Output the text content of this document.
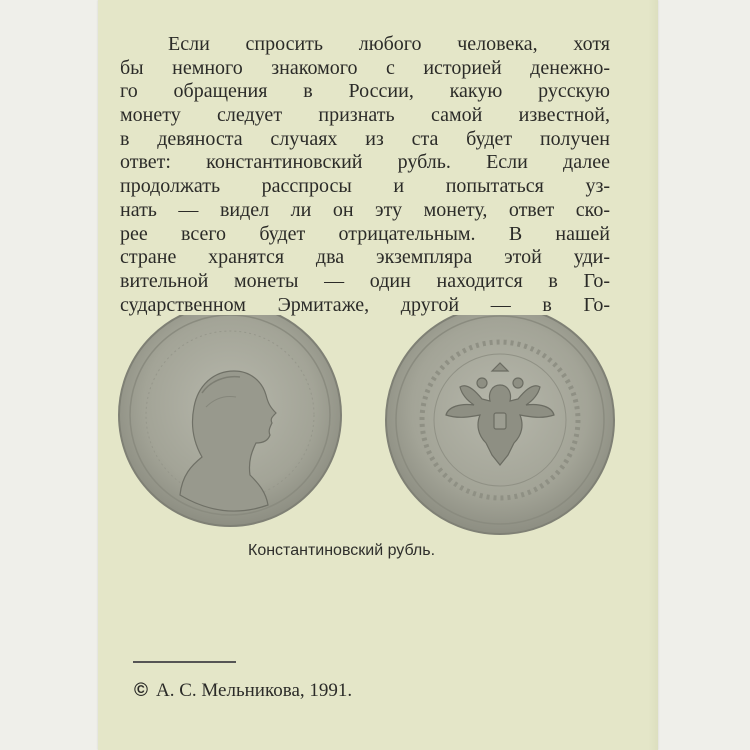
Если спросить любого человека, хотя
бы немного знакомого с историей денежно-
го обращения в России, какую русскую
монету следует признать самой известной,
в девяноста случаях из ста будет получен
ответ: константиновский рубль. Если далее
продолжать расспросы и попытаться уз-
нать — видел ли он эту монету, ответ ско-
рее всего будет отрицательным. В нашей
стране хранятся два экземпляра этой уди-
вительной монеты — один находится в Го-
сударственном Эрмитаже, другой — в Го-
Константиновский рубль.
© А. С. Мельникова, 1991.
